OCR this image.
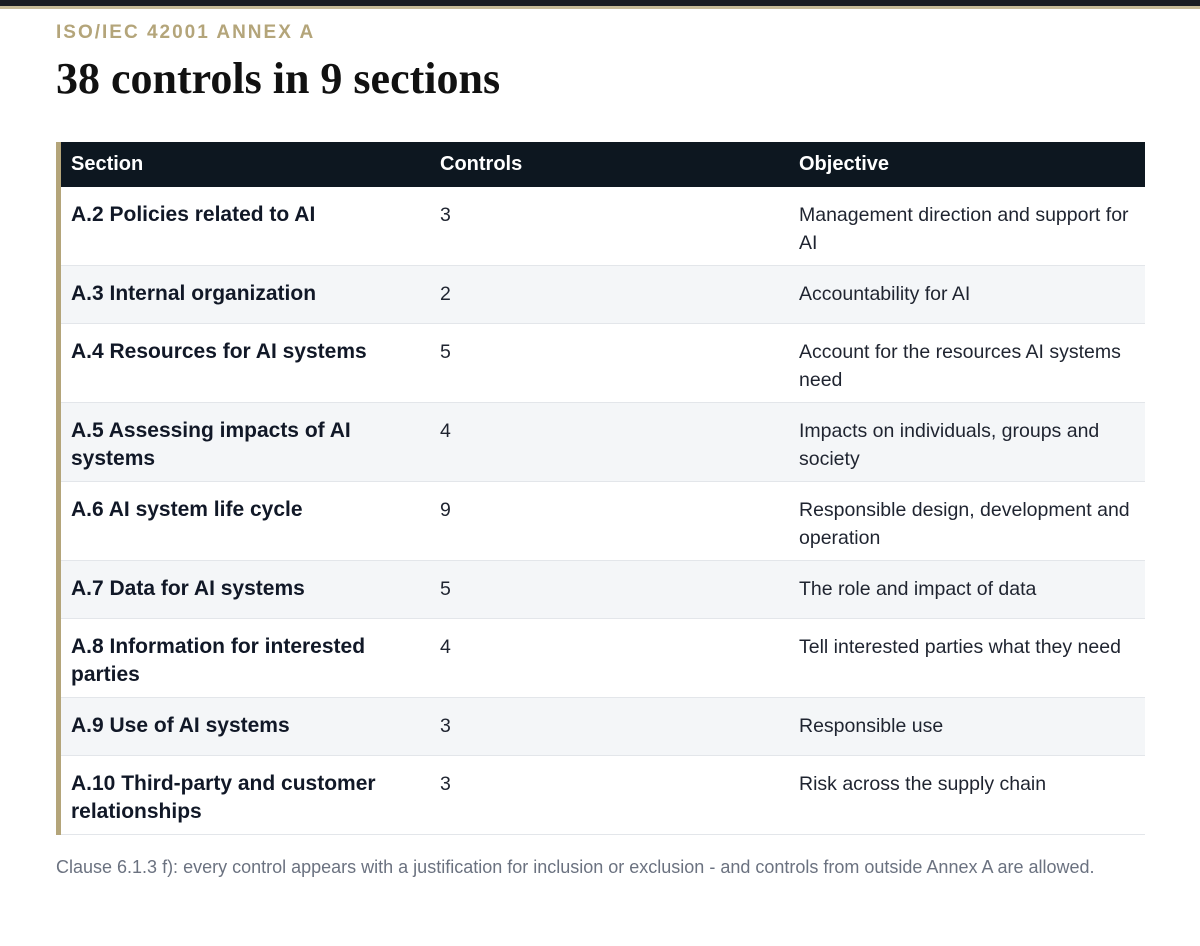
ISO/IEC 42001 ANNEX A
38 controls in 9 sections
Section	Controls	Objective
A.2 Policies related to AI	3	Management direction and support for AI
A.3 Internal organization	2	Accountability for AI
A.4 Resources for AI systems	5	Account for the resources AI systems need
A.5 Assessing impacts of AI systems	4	Impacts on individuals, groups and society
A.6 AI system life cycle	9	Responsible design, development and operation
A.7 Data for AI systems	5	The role and impact of data
A.8 Information for interested parties	4	Tell interested parties what they need
A.9 Use of AI systems	3	Responsible use
A.10 Third-party and customer relationships	3	Risk across the supply chain

Clause 6.1.3 f): every control appears with a justification for inclusion or exclusion - and controls from outside Annex A are allowed.
